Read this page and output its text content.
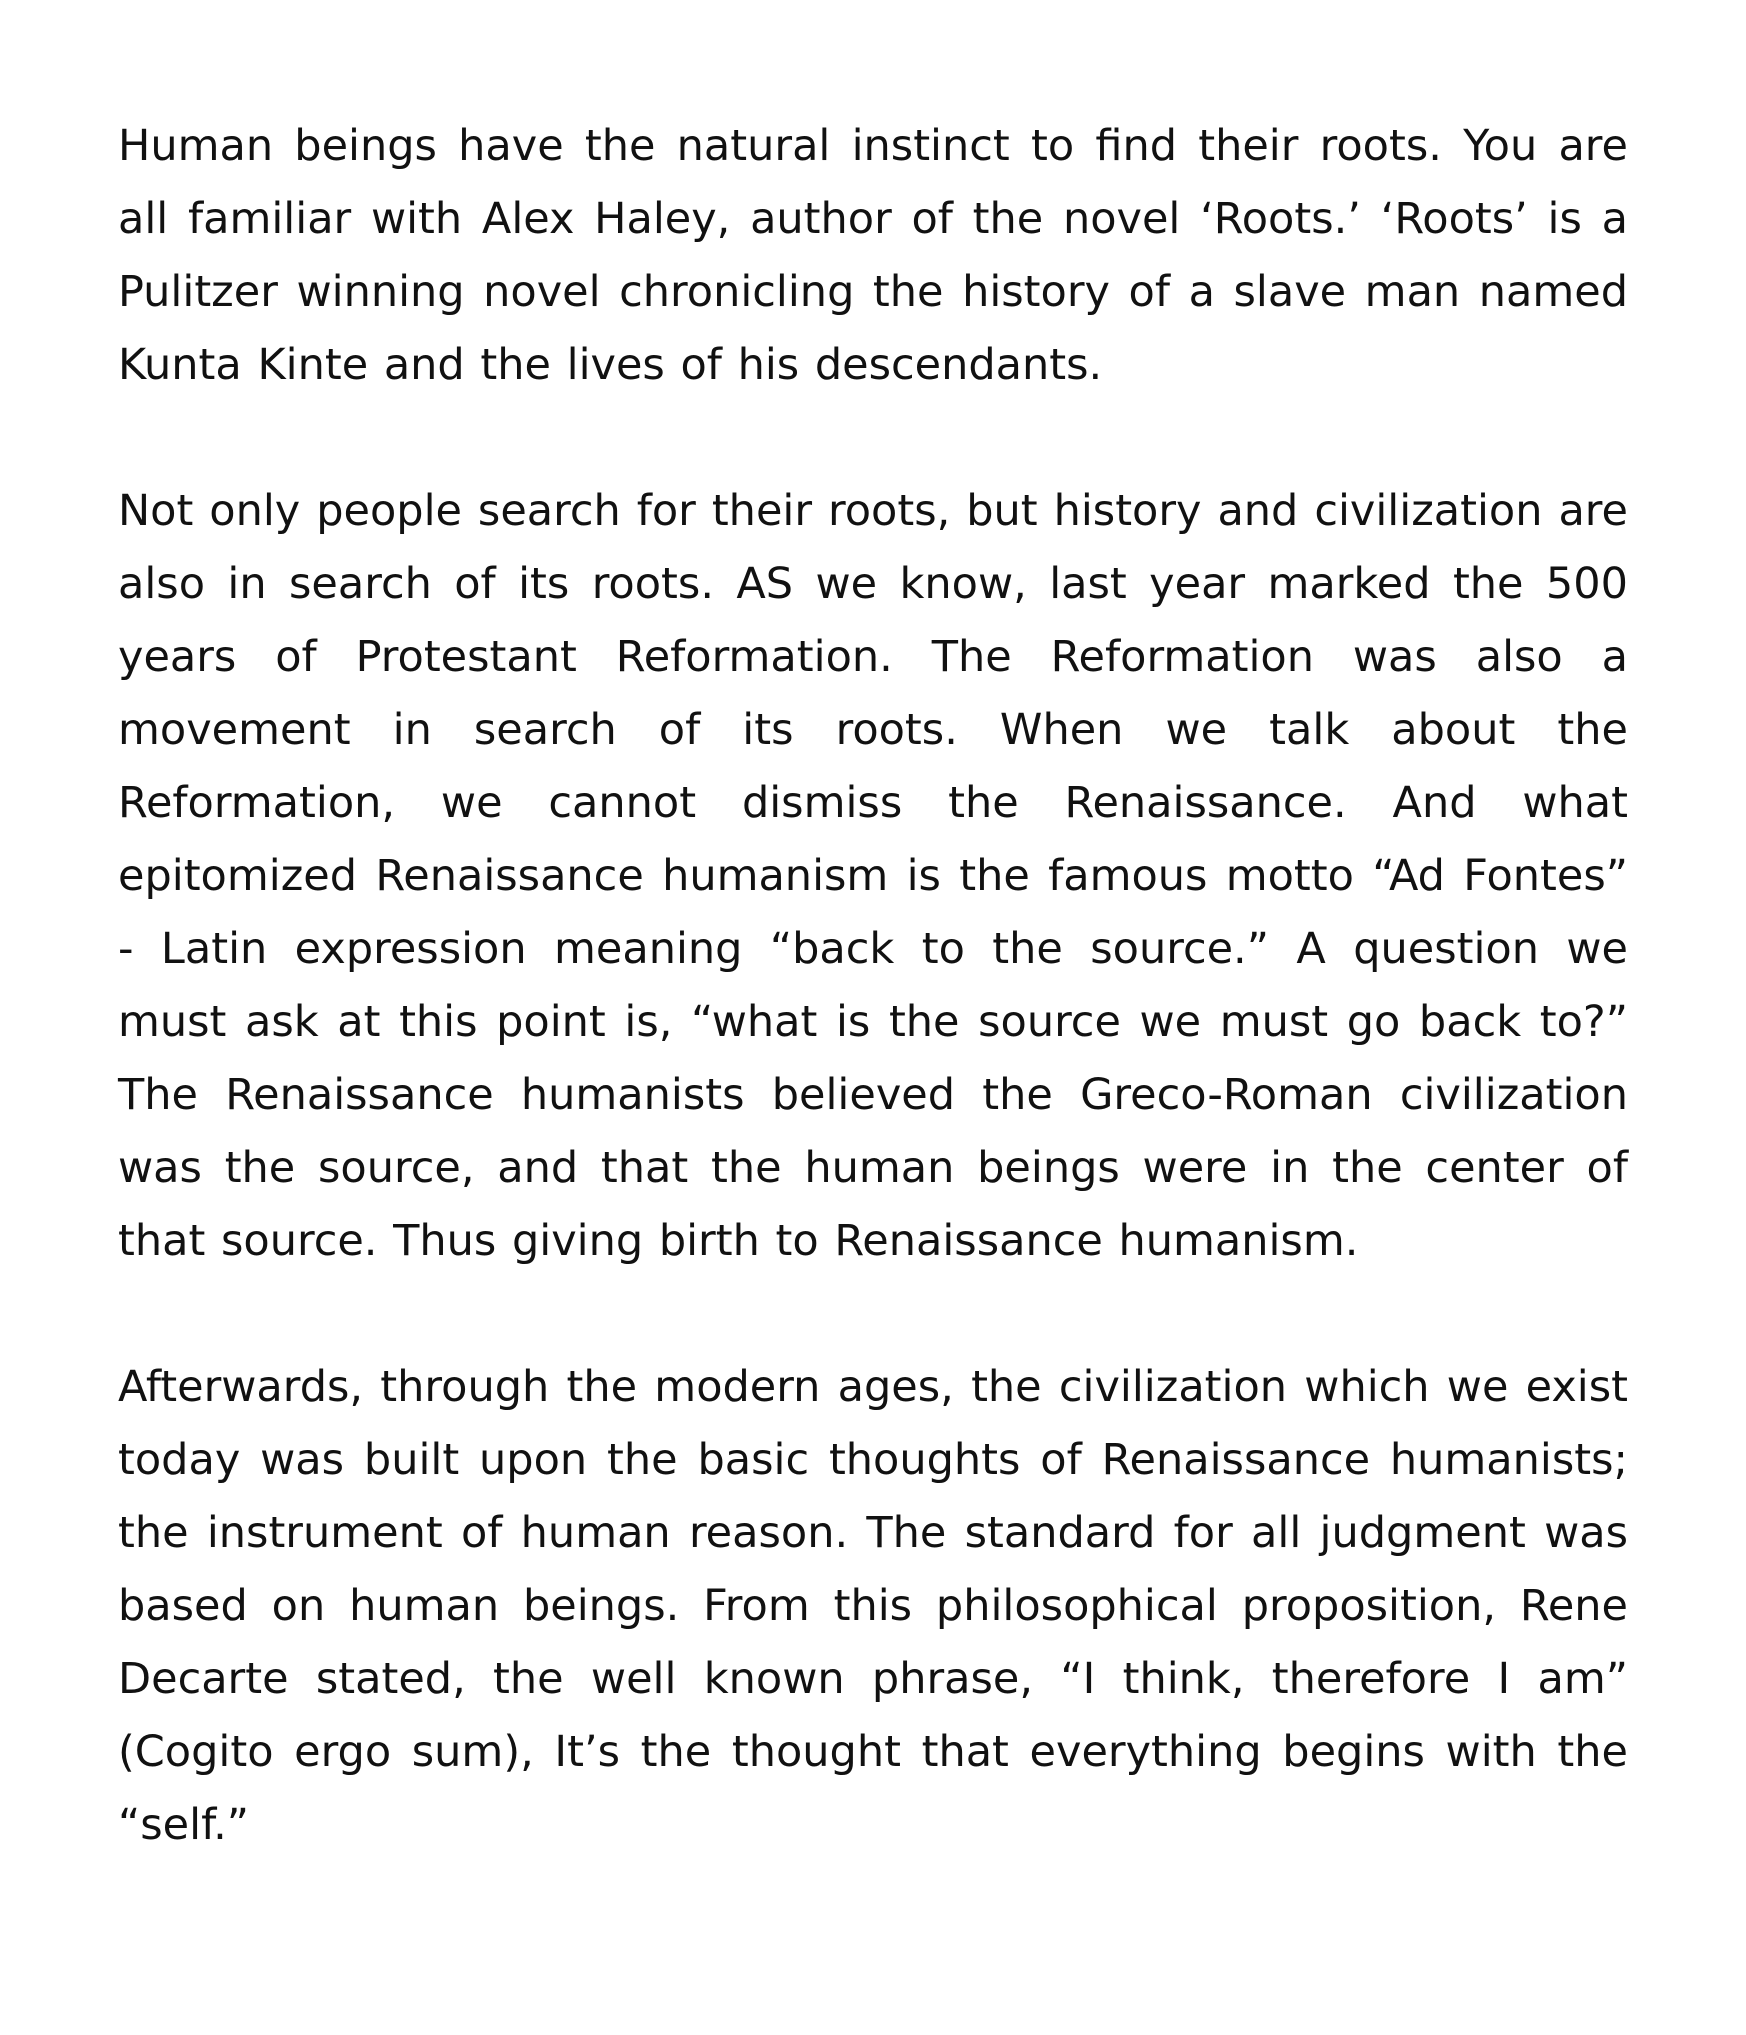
Human beings have the natural instinct to find their roots. You are all familiar with Alex Haley, author of the novel ‘Roots.’ ‘Roots’ is a Pulitzer winning novel chronicling the history of a slave man named Kunta Kinte and the lives of his descendants.

Not only people search for their roots, but history and civilization are also in search of its roots. AS we know, last year marked the 500 years of Protestant Reformation. The Reformation was also a movement in search of its roots. When we talk about the Reformation, we cannot dismiss the Renaissance. And what epitomized Renaissance humanism is the famous motto “Ad Fontes” - Latin expression meaning “back to the source.” A question we must ask at this point is, “what is the source we must go back to?” The Renaissance humanists believed the Greco-Roman civilization was the source, and that the human beings were in the center of that source. Thus giving birth to Renaissance humanism.

Afterwards, through the modern ages, the civilization which we exist today was built upon the basic thoughts of Renaissance humanists; the instrument of human reason. The standard for all judgment was based on human beings. From this philosophical proposition, Rene Decarte stated, the well known phrase, “I think, therefore I am” (Cogito ergo sum), It’s the thought that everything begins with the “self.”
